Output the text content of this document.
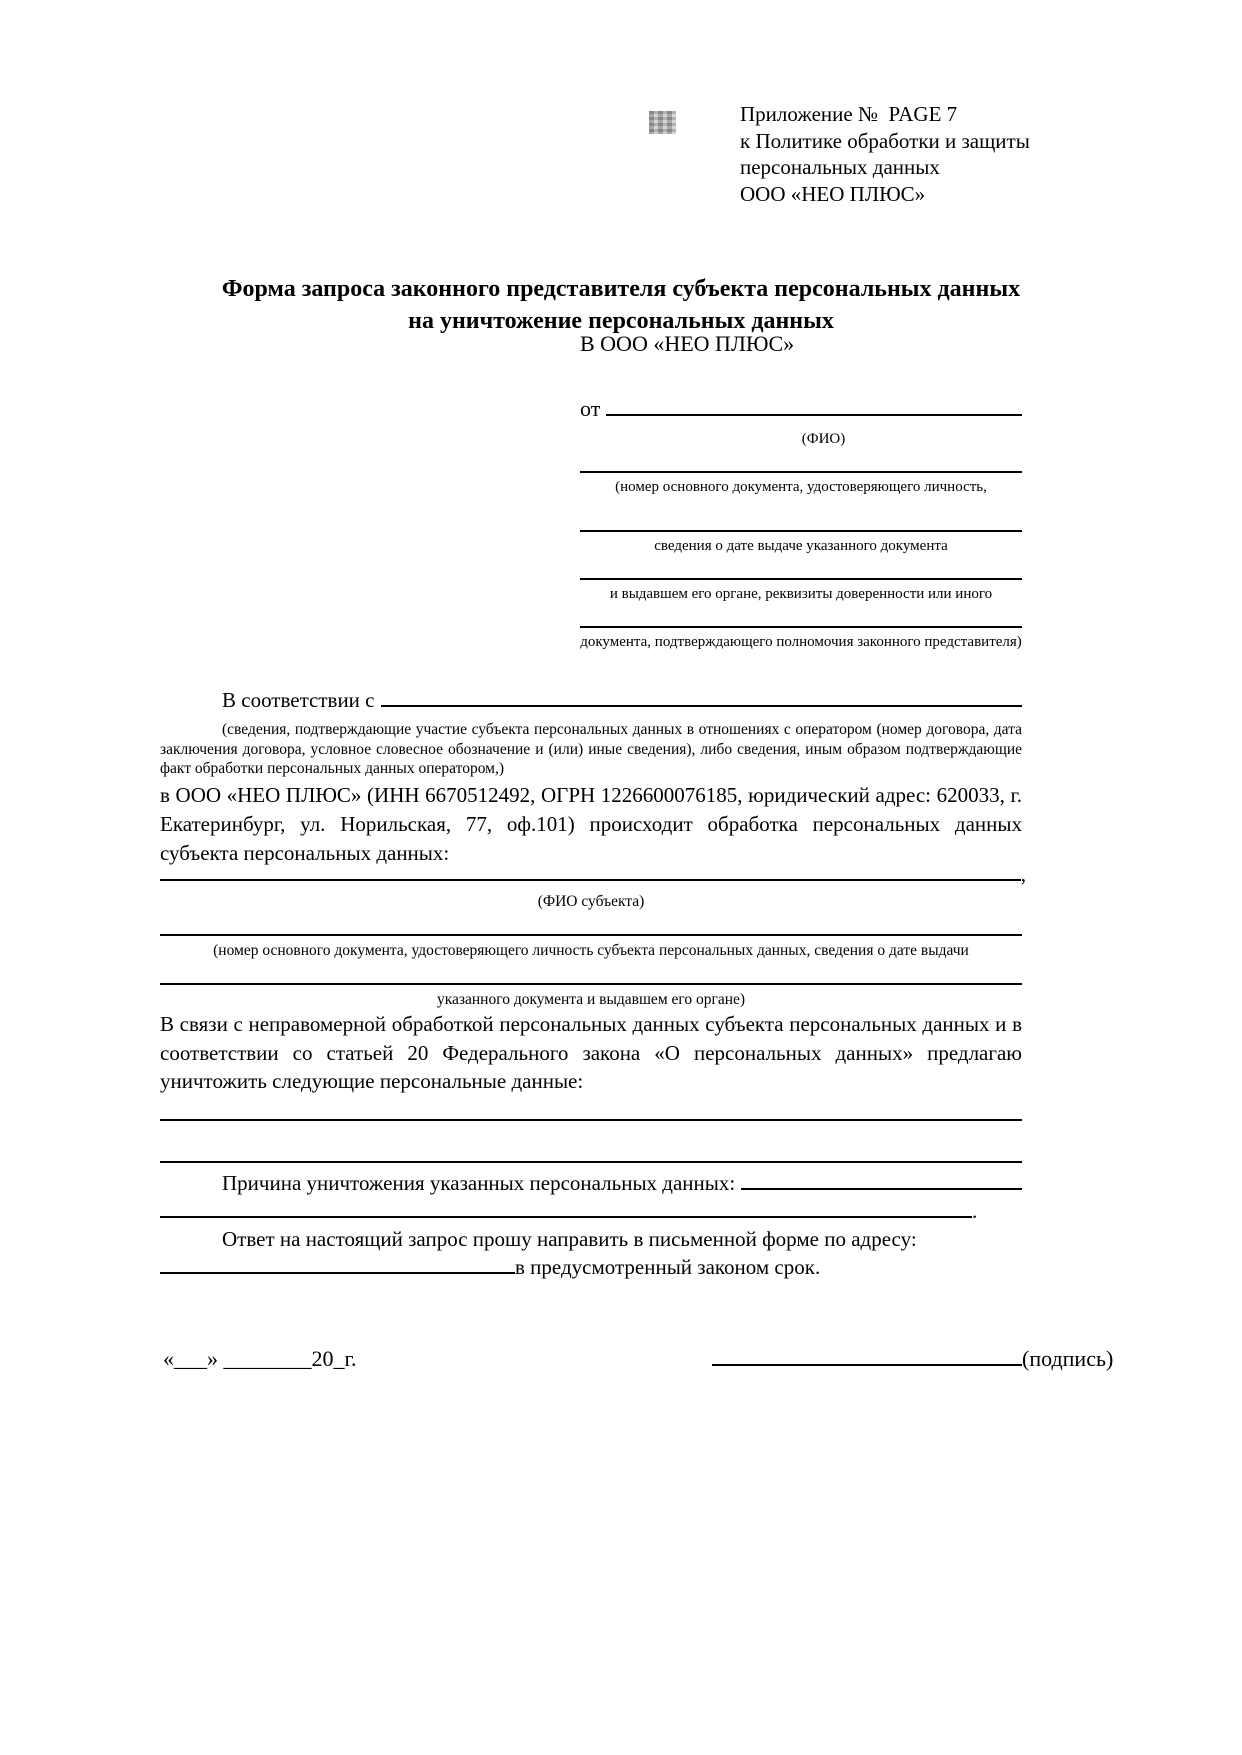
Приложение №  PAGE 7
к Политике обработки и защиты
персональных данных
ООО «НЕО ПЛЮС»
Форма запроса законного представителя субъекта персональных данных
на уничтожение персональных данных
В ООО «НЕО ПЛЮС»
от
(ФИО)
(номер основного документа, удостоверяющего личность,
сведения о дате выдаче указанного документа
и выдавшем его органе, реквизиты доверенности или иного
документа, подтверждающего полномочия законного представителя)
В соответствии с

(сведения, подтверждающие участие субъекта персональных данных в отношениях с оператором (номер договора, дата заключения договора, условное словесное обозначение и (или) иные сведения), либо сведения, иным образом подтверждающие факт обработки персональных данных оператором,)

в ООО «НЕО ПЛЮС» (ИНН 6670512492, ОГРН 1226600076185, юридический адрес: 620033, г. Екатеринбург, ул. Норильская, 77, оф.101) происходит обработка персональных данных субъекта персональных данных:

,
(ФИО субъекта)
(номер основного документа, удостоверяющего личность субъекта персональных данных, сведения о дате выдачи
указанного документа и выдавшем его органе)

В связи с неправомерной обработкой персональных данных субъекта персональных данных и в соответствии со статьей 20 Федерального закона «О персональных данных» предлагаю уничтожить следующие персональные данные:

Причина уничтожения указанных персональных данных:
.
Ответ на настоящий запрос прошу направить в письменной форме по адресу:
в предусмотренный законом срок.
«___» ________20_г.	(подпись)
